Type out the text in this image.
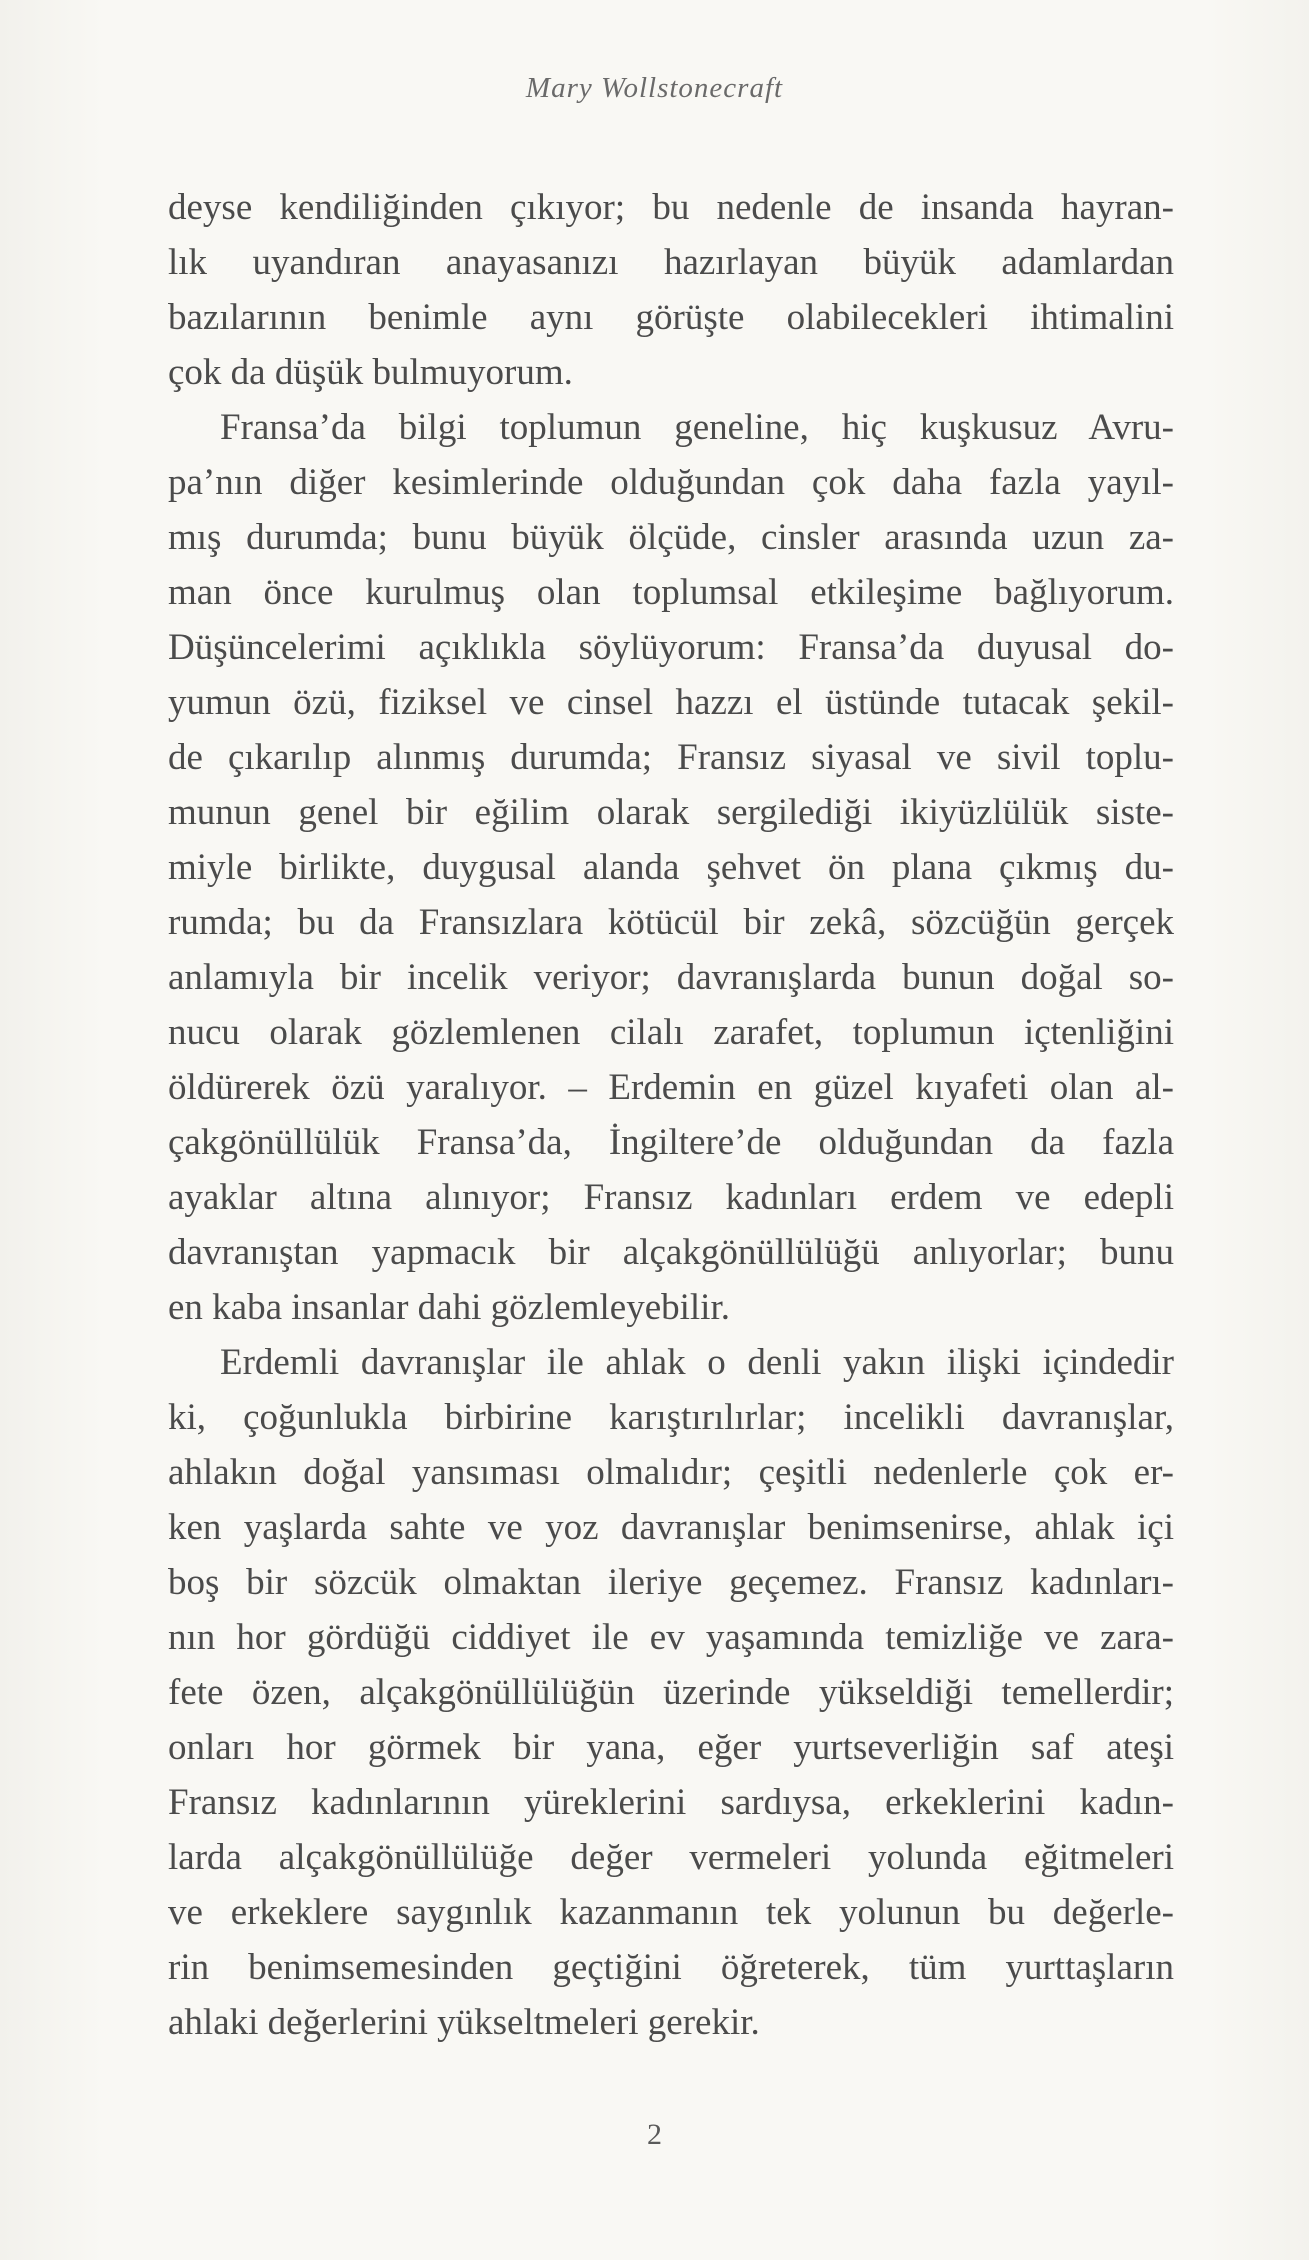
Mary Wollstonecraft
deyse kendiliğinden çıkıyor; bu nedenle de insanda hayran-
lık uyandıran anayasanızı hazırlayan büyük adamlardan
bazılarının benimle aynı görüşte olabilecekleri ihtimalini
çok da düşük bulmuyorum.
Fransa’da bilgi toplumun geneline, hiç kuşkusuz Avru-
pa’nın diğer kesimlerinde olduğundan çok daha fazla yayıl-
mış durumda; bunu büyük ölçüde, cinsler arasında uzun za-
man önce kurulmuş olan toplumsal etkileşime bağlıyorum.
Düşüncelerimi açıklıkla söylüyorum: Fransa’da duyusal do-
yumun özü, fiziksel ve cinsel hazzı el üstünde tutacak şekil-
de çıkarılıp alınmış durumda; Fransız siyasal ve sivil toplu-
munun genel bir eğilim olarak sergilediği ikiyüzlülük siste-
miyle birlikte, duygusal alanda şehvet ön plana çıkmış du-
rumda; bu da Fransızlara kötücül bir zekâ, sözcüğün gerçek
anlamıyla bir incelik veriyor; davranışlarda bunun doğal so-
nucu olarak gözlemlenen cilalı zarafet, toplumun içtenliğini
öldürerek özü yaralıyor. – Erdemin en güzel kıyafeti olan al-
çakgönüllülük Fransa’da, İngiltere’de olduğundan da fazla
ayaklar altına alınıyor; Fransız kadınları erdem ve edepli
davranıştan yapmacık bir alçakgönüllülüğü anlıyorlar; bunu
en kaba insanlar dahi gözlemleyebilir.
Erdemli davranışlar ile ahlak o denli yakın ilişki içindedir
ki, çoğunlukla birbirine karıştırılırlar; incelikli davranışlar,
ahlakın doğal yansıması olmalıdır; çeşitli nedenlerle çok er-
ken yaşlarda sahte ve yoz davranışlar benimsenirse, ahlak içi
boş bir sözcük olmaktan ileriye geçemez. Fransız kadınları-
nın hor gördüğü ciddiyet ile ev yaşamında temizliğe ve zara-
fete özen, alçakgönüllülüğün üzerinde yükseldiği temellerdir;
onları hor görmek bir yana, eğer yurtseverliğin saf ateşi
Fransız kadınlarının yüreklerini sardıysa, erkeklerini kadın-
larda alçakgönüllülüğe değer vermeleri yolunda eğitmeleri
ve erkeklere saygınlık kazanmanın tek yolunun bu değerle-
rin benimsemesinden geçtiğini öğreterek, tüm yurttaşların
ahlaki değerlerini yükseltmeleri gerekir.
2
